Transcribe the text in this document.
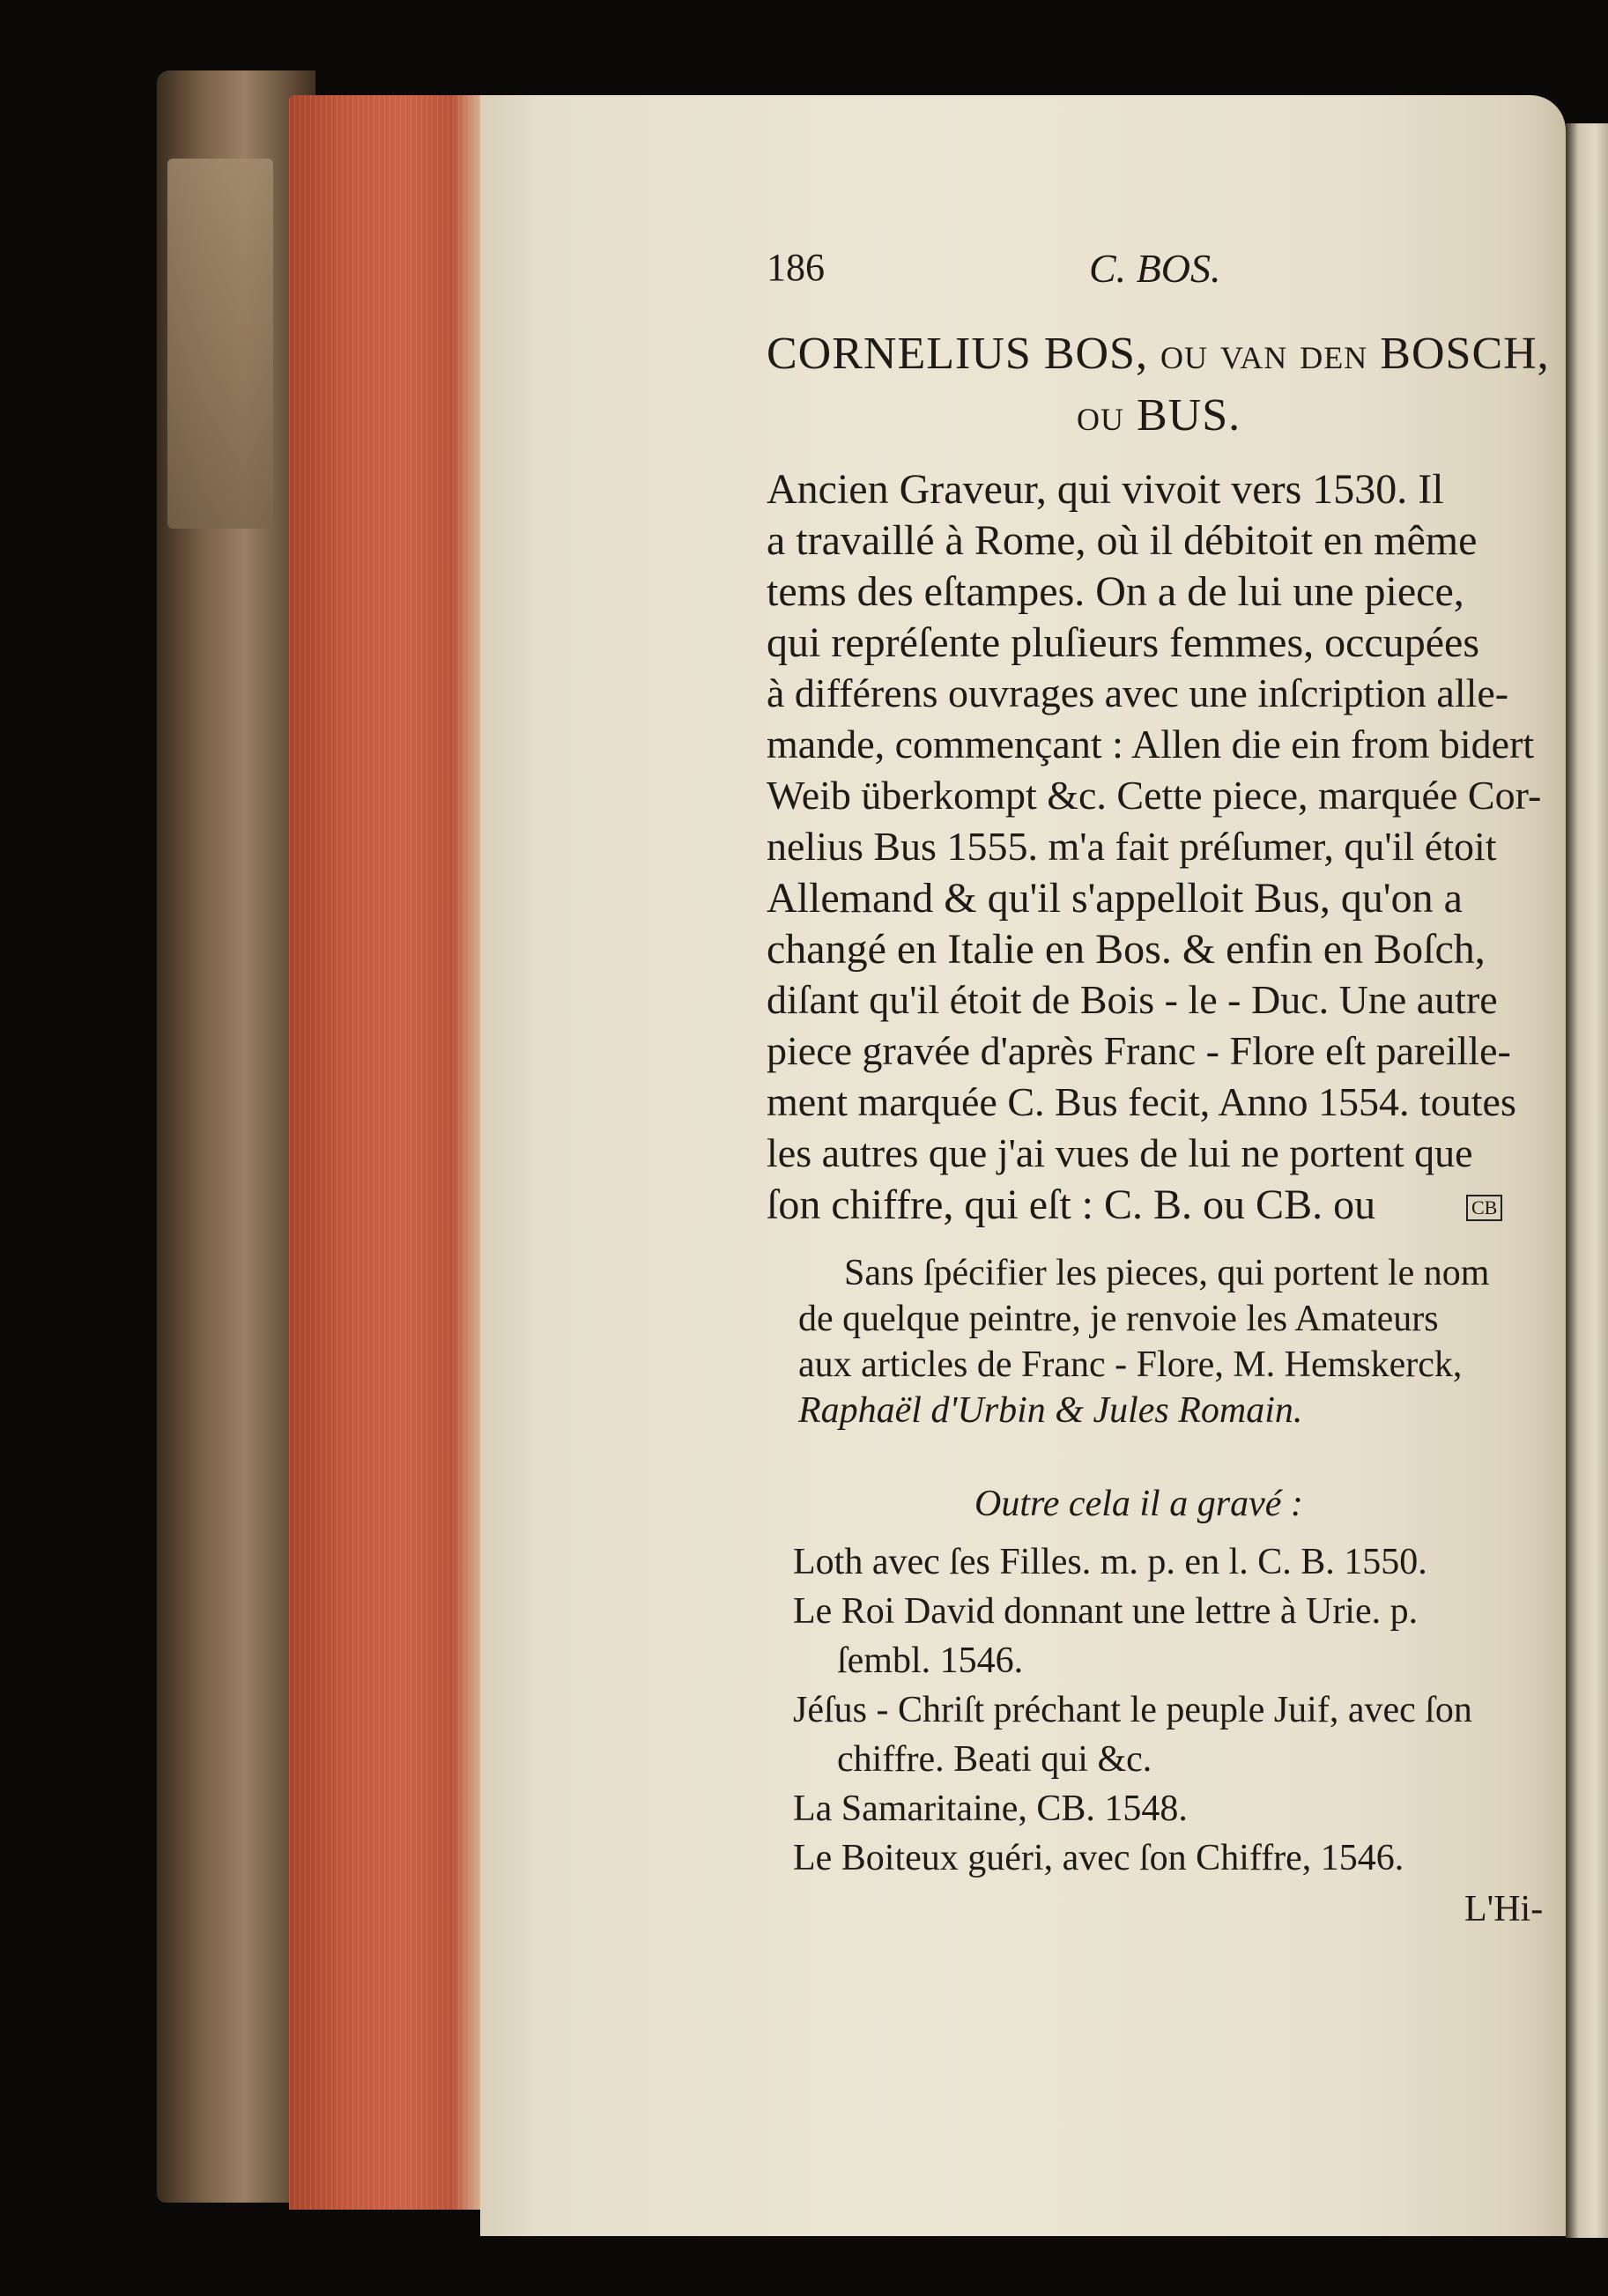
186	C. BOS.
CORNELIUS BOS, ou van den BOSCH,
ou BUS.
Ancien Graveur, qui vivoit vers 1530. Il
a travaillé à Rome, où il débitoit en même
tems des eſtampes. On a de lui une piece,
qui repréſente pluſieurs femmes, occupées
à différens ouvrages avec une inſcription alle-
mande, commençant : Allen die ein from bidert
Weib überkompt &c. Cette piece, marquée Cor-
nelius Bus 1555. m'a fait préſumer, qu'il étoit
Allemand & qu'il s'appelloit Bus, qu'on a
changé en Italie en Bos. & enfin en Boſch,
diſant qu'il étoit de Bois - le - Duc. Une autre
piece gravée d'après Franc - Flore eſt pareille-
ment marquée C. Bus fecit, Anno 1554. toutes
les autres que j'ai vues de lui ne portent que
ſon chiffre, qui eſt : C. B. ou CB. ou	CB
Sans ſpécifier les pieces, qui portent le nom
de quelque peintre, je renvoie les Amateurs
aux articles de Franc - Flore, M. Hemskerck,
Raphaël d'Urbin & Jules Romain.
Outre cela il a gravé :
Loth avec ſes Filles. m. p. en l. C. B. 1550.
Le Roi David donnant une lettre à Urie. p.
ſembl. 1546.
Jéſus - Chriſt préchant le peuple Juif, avec ſon
chiffre. Beati qui &c.
La Samaritaine, CB. 1548.
Le Boiteux guéri, avec ſon Chiffre, 1546.
L'Hi-
